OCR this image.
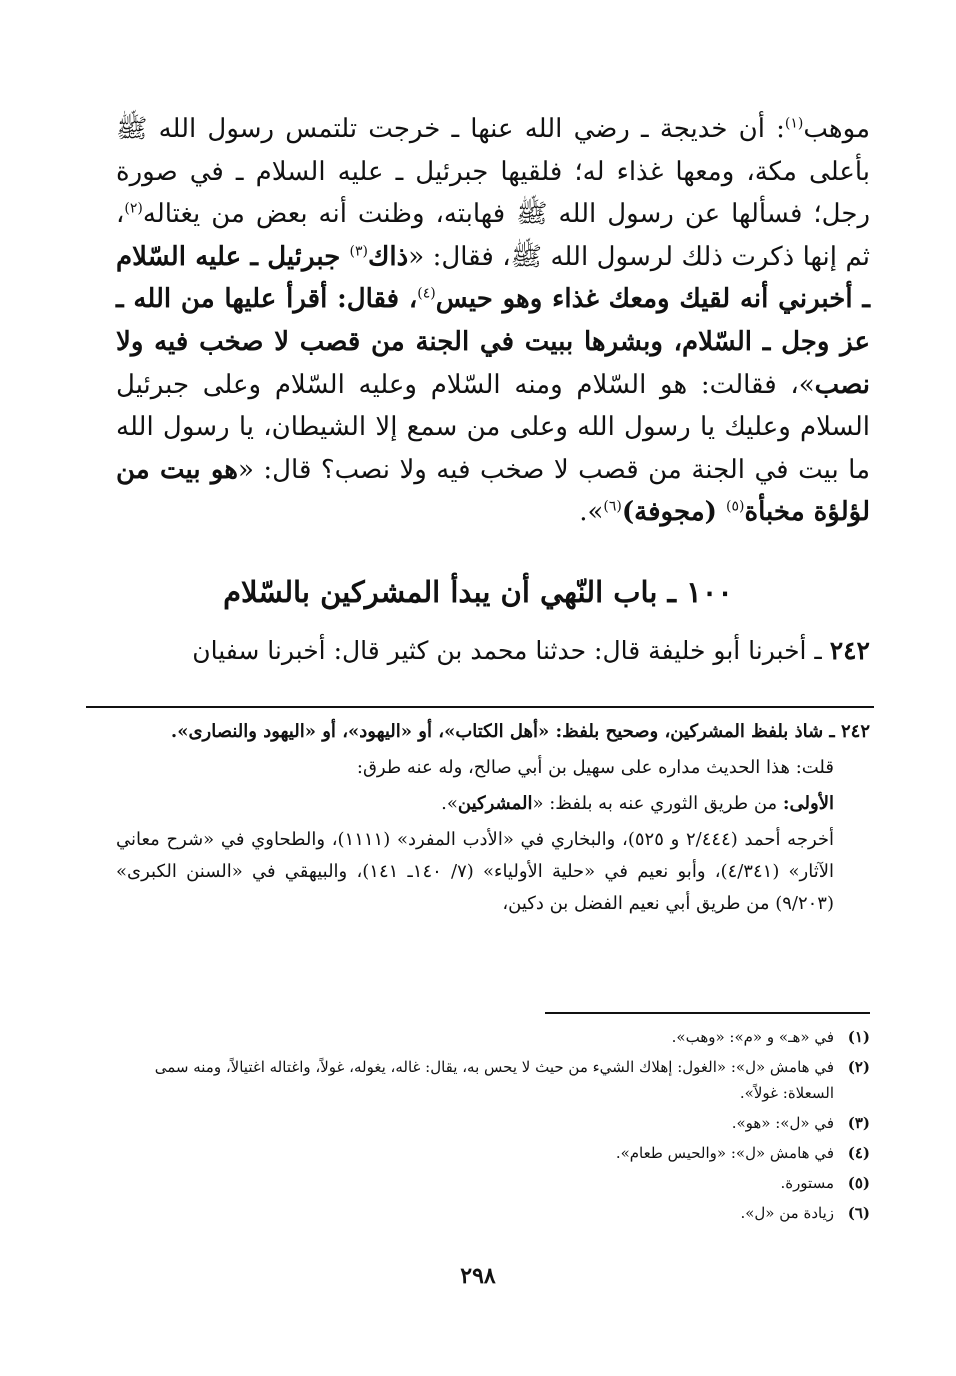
موهب$^{(١)}$: أن خديجة ـ رضي الله عنها ـ خرجت تلتمس رسول الله ﷺ بأعلى مكة، ومعها غذاء له؛ فلقيها جبرئيل ـ عليه السلام ـ في صورة رجل؛ فسألها عن رسول الله ﷺ فهابته، وظنت أنه بعض من يغتاله$^{(٢)}$، ثم إنها ذكرت ذلك لرسول الله ﷺ، فقال: «ذاك$^{(٣)}$ جبرئيل ـ عليه السّلام ـ أخبرني أنه لقيك ومعك غذاء وهو حيس$^{(٤)}$، فقال: أقرأ عليها من الله ـ عز وجل ـ السّلام، وبشرها ببيت في الجنة من قصب لا صخب فيه ولا نصب»، فقالت: هو السّلام ومنه السّلام وعليه السّلام وعلى جبرئيل السلام وعليك يا رسول الله وعلى من سمع إلا الشيطان، يا رسول الله ما بيت في الجنة من قصب لا صخب فيه ولا نصب؟ قال: «هو بيت من لؤلؤة مخبأة$^{(٥)}$ (مجوفة)$^{(٦)}$».

١٠٠ ـ باب النّهي أن يبدأ المشركين بالسّلام

٢٤٢ ـ أخبرنا أبو خليفة قال: حدثنا محمد بن كثير قال: أخبرنا سفيان

٢٤٢ ـ شاذ بلفظ المشركين، وصحيح بلفظ: «أهل الكتاب»، أو «اليهود»، أو «اليهود والنصارى».

قلت: هذا الحديث مداره على سهيل بن أبي صالح، وله عنه طرق:

الأولى: من طريق الثوري عنه به بلفظ: «المشركين».

أخرجه أحمد (٢/٤٤٤ و ٥٢٥)، والبخاري في «الأدب المفرد» (١١١١)، والطحاوي في «شرح معاني الآثار» (٤/٣٤١)، وأبو نعيم في «حلية الأولياء» (٧/ ١٤٠ـ ١٤١)، والبيهقي في «السنن الكبرى» (٩/٢٠٣) من طريق أبي نعيم الفضل بن دكين،

(١)
في «هـ» و «م»: «وهب».
(٢)
في هامش «ل»: «الغول: إهلاك الشيء من حيث لا يحس به، يقال: غاله، يغوله، غولاً، واغتاله اغتيالاً، ومنه سمى السعلاة: غولاً».
(٣)
في «ل»: «هو».
(٤)
في هامش «ل»: «والحيس طعام».
(٥)
مستورة.
(٦)
زيادة من «ل».
٢٩٨
